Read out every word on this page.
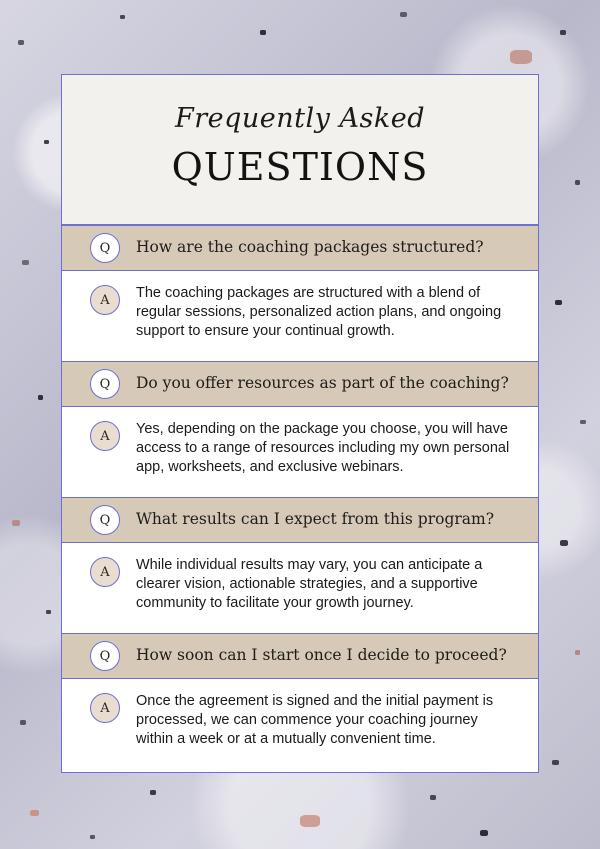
Frequently Asked
QUESTIONS
Q	How are the coaching packages structured?
A	The coaching packages are structured with a blend of regular sessions, personalized action plans, and ongoing support to ensure your continual growth.
Q	Do you offer resources as part of the coaching?
A	Yes, depending on the package you choose, you will have access to a range of resources including my own personal app, worksheets, and exclusive webinars.
Q	What results can I expect from this program?
A	While individual results may vary, you can anticipate a clearer vision, actionable strategies, and a supportive community to facilitate your growth journey.
Q	How soon can I start once I decide to proceed?
A	Once the agreement is signed and the initial payment is processed, we can commence your coaching journey within a week or at a mutually convenient time.
